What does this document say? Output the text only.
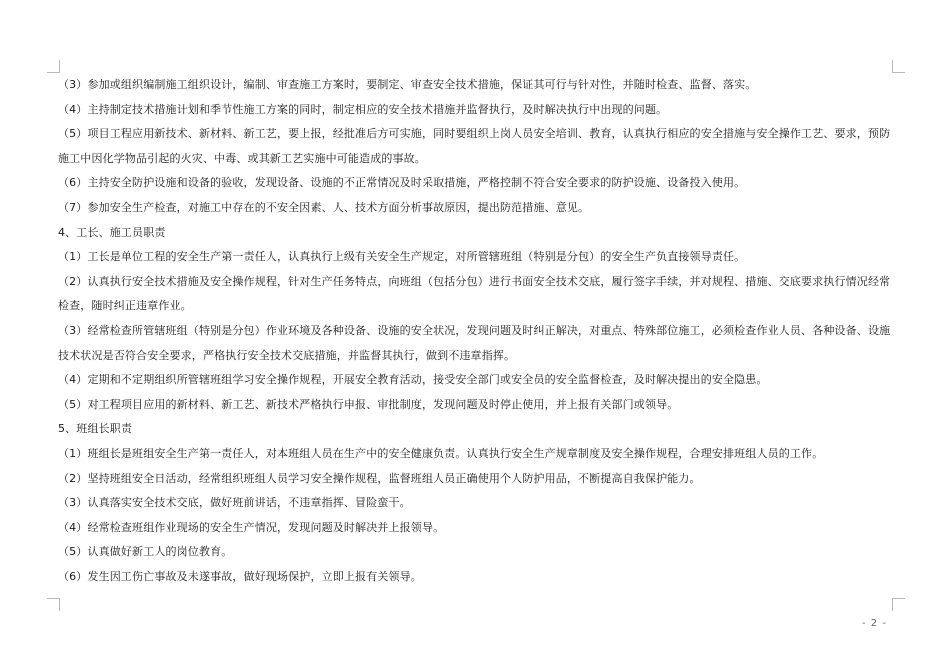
（3）参加或组织编制施工组织设计，编制、审查施工方案时，要制定、审查安全技术措施，保证其可行与针对性，并随时检查、监督、落实。
（4）主持制定技术措施计划和季节性施工方案的同时，制定相应的安全技术措施并监督执行，及时解决执行中出现的问题。
（5）项目工程应用新技术、新材料、新工艺，要上报，经批准后方可实施，同时要组织上岗人员安全培训、教育，认真执行相应的安全措施与安全操作工艺、要求，预防
施工中因化学物品引起的火灾、中毒、或其新工艺实施中可能造成的事故。
（6）主持安全防护设施和设备的验收，发现设备、设施的不正常情况及时采取措施，严格控制不符合安全要求的防护设施、设备投入使用。
（7）参加安全生产检查，对施工中存在的不安全因素、人、技术方面分析事故原因，提出防范措施、意见。
4、工长、施工员职责
（1）工长是单位工程的安全生产第一责任人，认真执行上级有关安全生产规定，对所管辖班组（特别是分包）的安全生产负直接领导责任。
（2）认真执行安全技术措施及安全操作规程，针对生产任务特点，向班组（包括分包）进行书面安全技术交底，履行签字手续，并对规程、措施、交底要求执行情况经常
检查，随时纠正违章作业。
（3）经常检查所管辖班组（特别是分包）作业环境及各种设备、设施的安全状况，发现问题及时纠正解决，对重点、特殊部位施工，必须检查作业人员、各种设备、设施
技术状况是否符合安全要求，严格执行安全技术交底措施，并监督其执行，做到不违章指挥。
（4）定期和不定期组织所管辖班组学习安全操作规程，开展安全教育活动，接受安全部门或安全员的安全监督检查，及时解决提出的安全隐患。
（5）对工程项目应用的新材料、新工艺、新技术严格执行申报、审批制度，发现问题及时停止使用，并上报有关部门或领导。
5、班组长职责
（1）班组长是班组安全生产第一责任人，对本班组人员在生产中的安全健康负责。认真执行安全生产规章制度及安全操作规程，合理安排班组人员的工作。
（2）坚持班组安全日活动，经常组织班组人员学习安全操作规程，监督班组人员正确使用个人防护用品，不断提高自我保护能力。
（3）认真落实安全技术交底，做好班前讲话，不违章指挥、冒险蛮干。
（4）经常检查班组作业现场的安全生产情况，发现问题及时解决并上报领导。
（5）认真做好新工人的岗位教育。
（6）发生因工伤亡事故及未遂事故，做好现场保护，立即上报有关领导。
- 2 -
